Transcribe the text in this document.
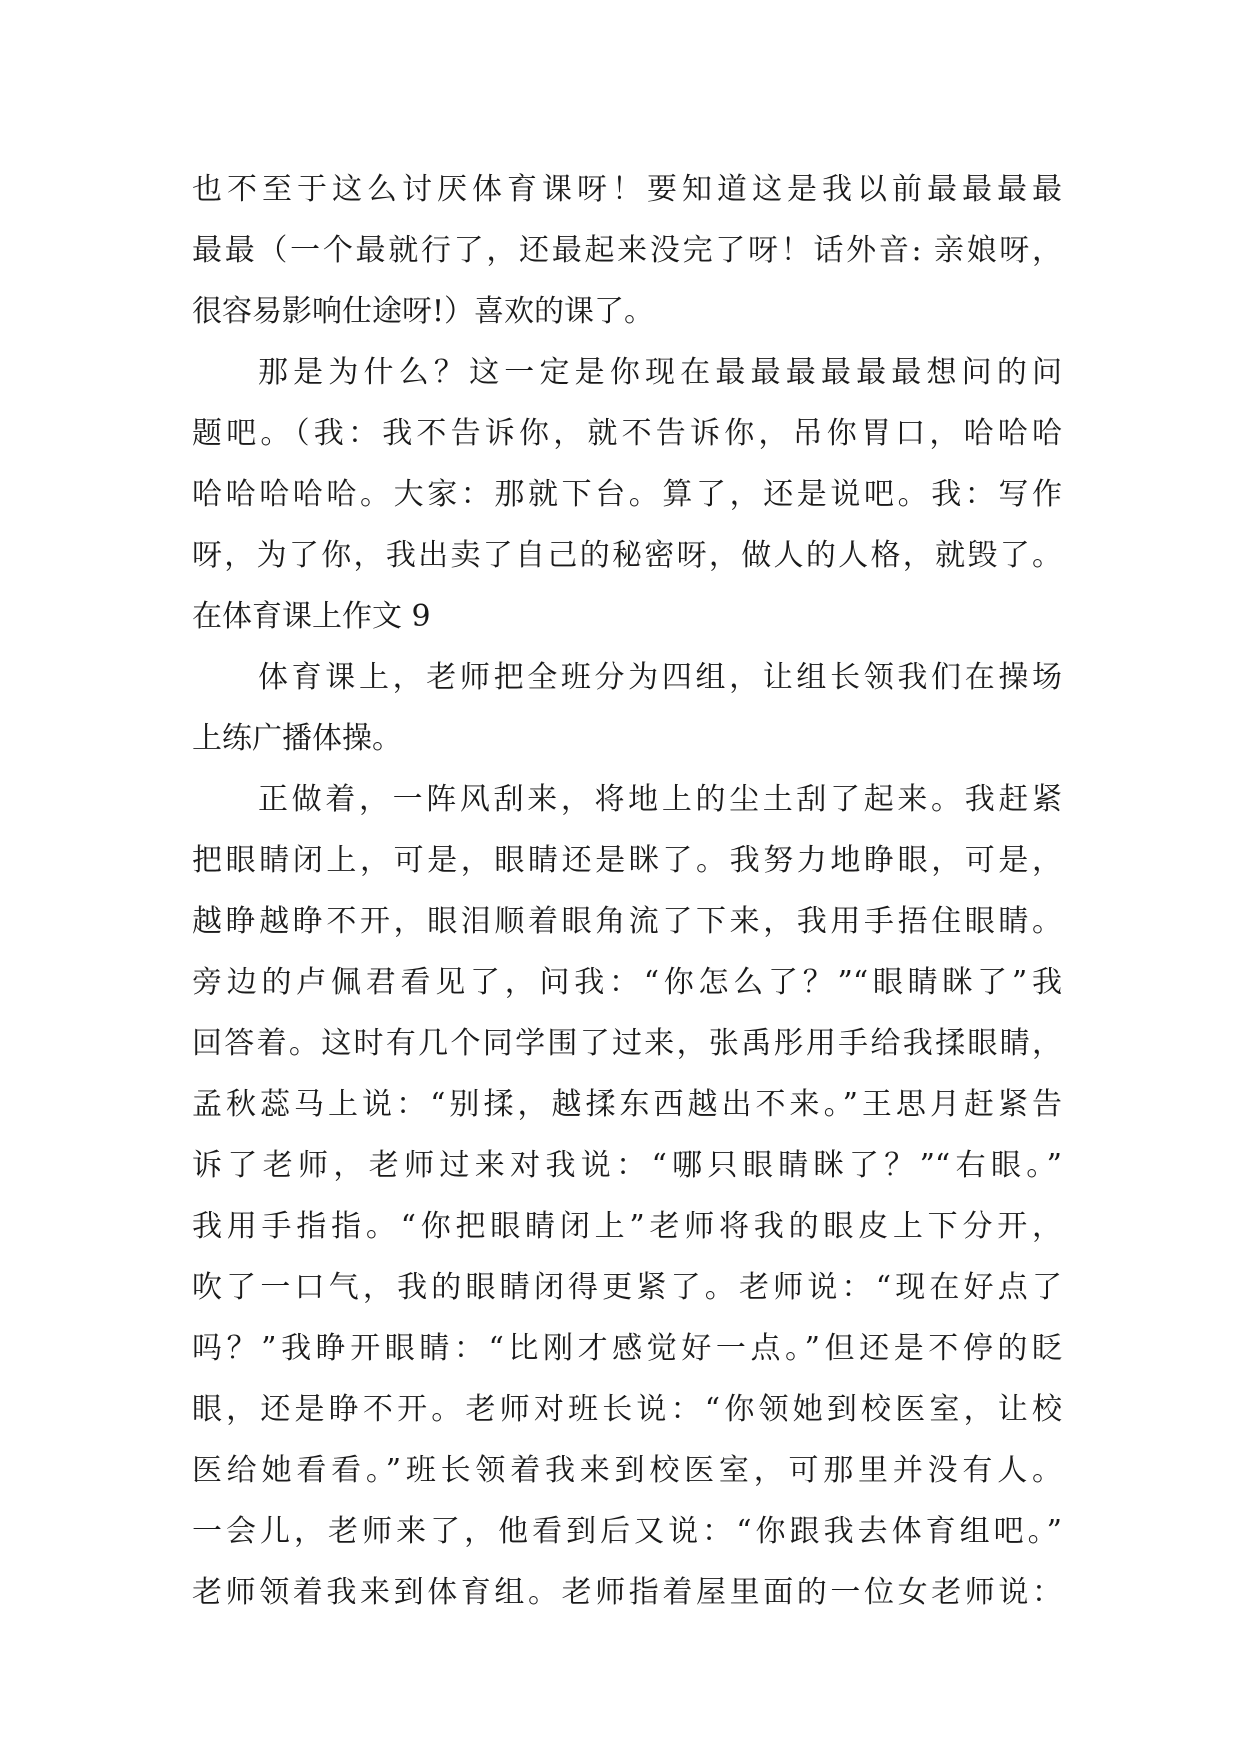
也不至于这么讨厌体育课呀！要知道这是我以前最最最最
最最（一个最就行了，还最起来没完了呀！话外音: 亲娘呀，
很容易影响仕途呀!）喜欢的课了。
那是为什么？这一定是你现在最最最最最最想问的问
题吧。（我：我不告诉你，就不告诉你，吊你胃口，哈哈哈
哈哈哈哈哈。大家：那就下台。算了，还是说吧。我：写作
呀，为了你，我出卖了自己的秘密呀，做人的人格，就毁了。
在体育课上作文 9
体育课上，老师把全班分为四组，让组长领我们在操场
上练广播体操。
正做着，一阵风刮来，将地上的尘土刮了起来。我赶紧
把眼睛闭上，可是，眼睛还是眯了。我努力地睁眼，可是，
越睁越睁不开，眼泪顺着眼角流了下来，我用手捂住眼睛。
旁边的卢佩君看见了，问我：“你怎么了？”“眼睛眯了”我
回答着。这时有几个同学围了过来，张禹彤用手给我揉眼睛，
孟秋蕊马上说：“别揉，越揉东西越出不来。”王思月赶紧告
诉了老师，老师过来对我说：“哪只眼睛眯了？”“右眼。”
我用手指指。“你把眼睛闭上”老师将我的眼皮上下分开，
吹了一口气，我的眼睛闭得更紧了。老师说：“现在好点了
吗？”我睁开眼睛：“比刚才感觉好一点。”但还是不停的眨
眼，还是睁不开。老师对班长说：“你领她到校医室，让校
医给她看看。”班长领着我来到校医室，可那里并没有人。
一会儿，老师来了，他看到后又说：“你跟我去体育组吧。”
老师领着我来到体育组。老师指着屋里面的一位女老师说：
